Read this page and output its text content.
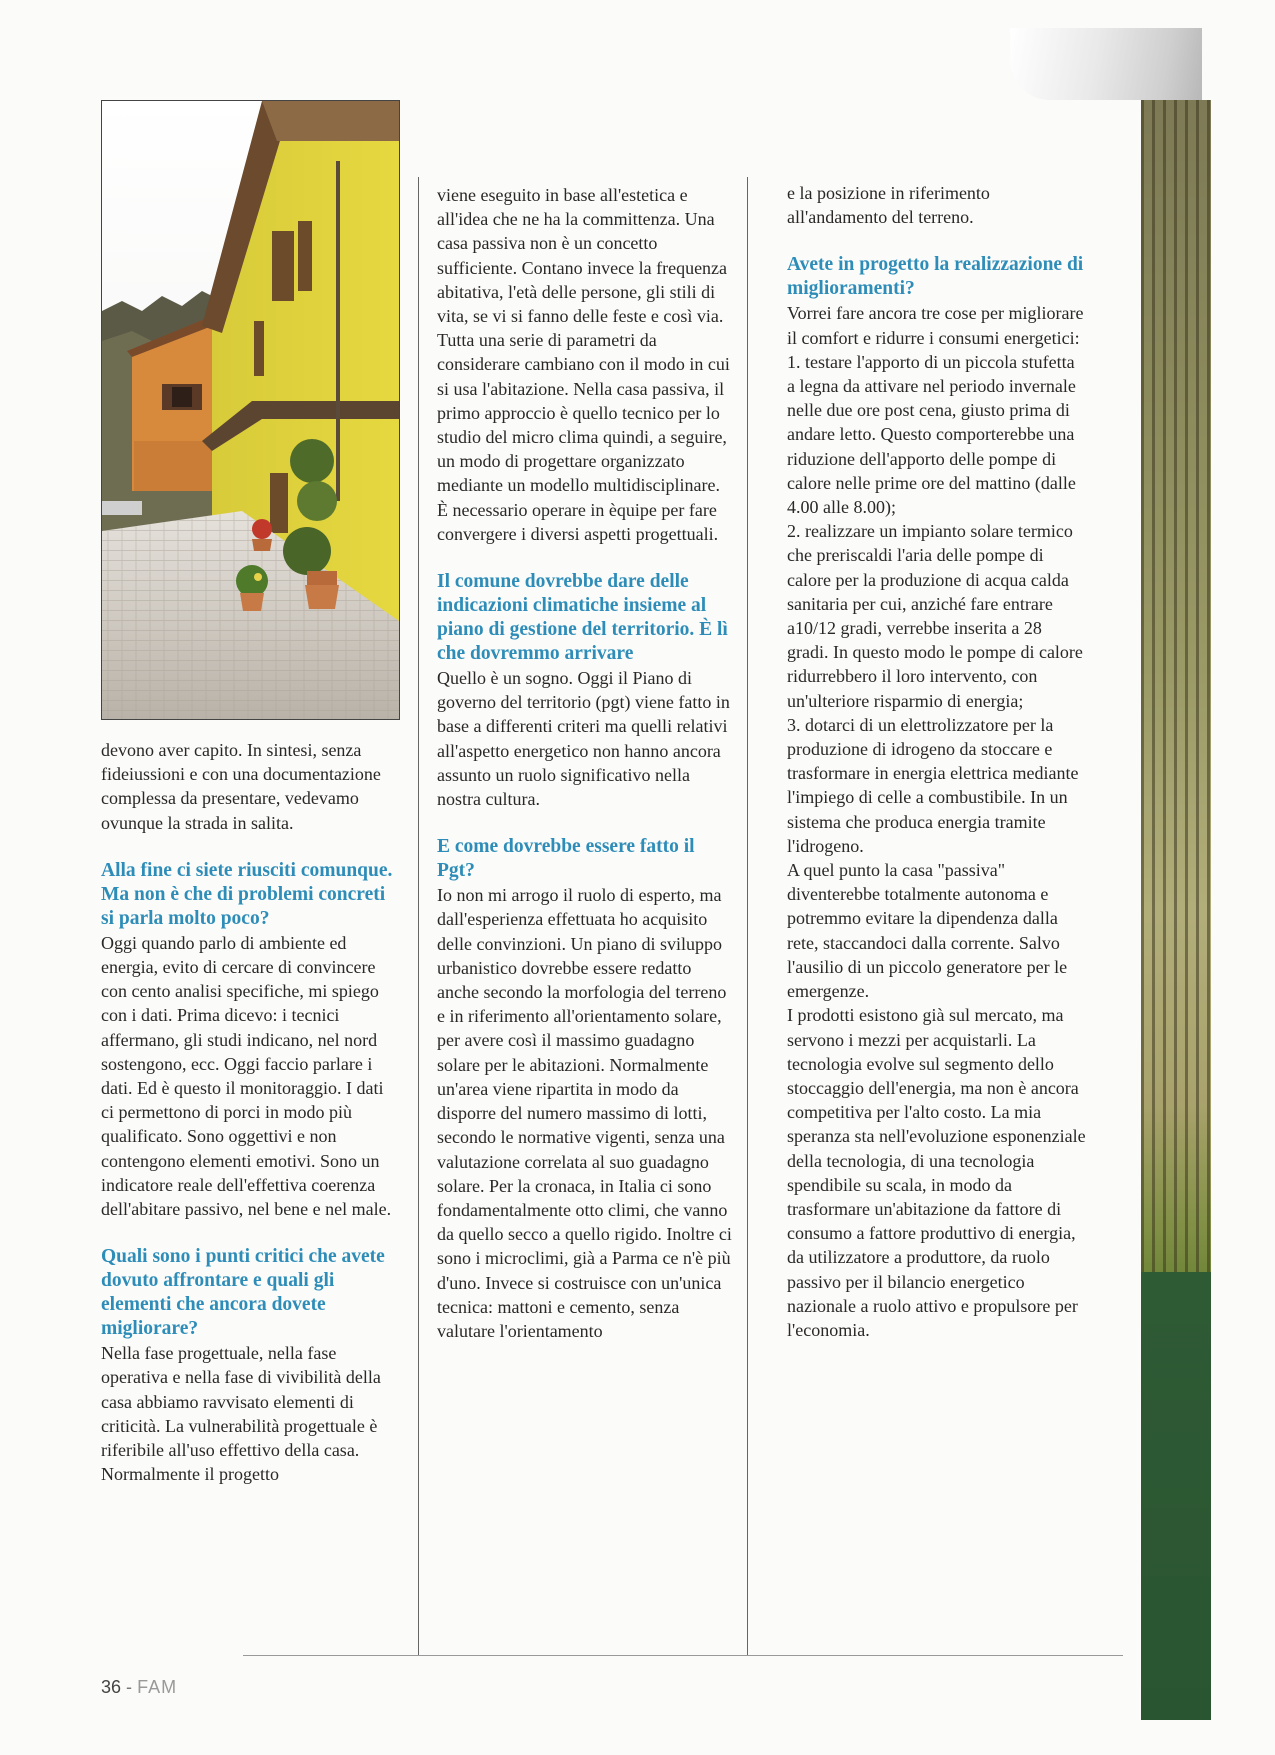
devono aver capito. In sintesi, senza fideiussioni e con una documentazione complessa da presentare, vedevamo ovunque la strada in salita.

Alla fine ci siete riusciti comunque. Ma non è che di problemi concreti si parla molto poco?

Oggi quando parlo di ambiente ed energia, evito di cercare di convincere con cento analisi specifiche, mi spiego con i dati. Prima dicevo: i tecnici affermano, gli studi indicano, nel nord sostengono, ecc. Oggi faccio parlare i dati. Ed è questo il monitoraggio. I dati ci permettono di porci in modo più qualificato. Sono oggettivi e non contengono elementi emotivi. Sono un indicatore reale dell'effettiva coerenza dell'abitare passivo, nel bene e nel male.

Quali sono i punti critici che avete dovuto affrontare e quali gli elementi che ancora dovete migliorare?

Nella fase progettuale, nella fase operativa e nella fase di vivibilità della casa abbiamo ravvisato elementi di criticità. La vulnerabilità progettuale è riferibile all'uso effettivo della casa. Normalmente il progetto

viene eseguito in base all'estetica e all'idea che ne ha la committenza. Una casa passiva non è un concetto sufficiente. Contano invece la frequenza abitativa, l'età delle persone, gli stili di vita, se vi si fanno delle feste e così via. Tutta una serie di parametri da considerare cambiano con il modo in cui si usa l'abitazione. Nella casa passiva, il primo approccio è quello tecnico per lo studio del micro clima quindi, a seguire, un modo di progettare organizzato mediante un modello multidisciplinare. È necessario operare in èquipe per fare convergere i diversi aspetti progettuali.

Il comune dovrebbe dare delle indicazioni climatiche insieme al piano di gestione del territorio. È lì che dovremmo arrivare

Quello è un sogno. Oggi il Piano di governo del territorio (pgt) viene fatto in base a differenti criteri ma quelli relativi all'aspetto energetico non hanno ancora assunto un ruolo significativo nella nostra cultura.

E come dovrebbe essere fatto il Pgt?

Io non mi arrogo il ruolo di esperto, ma dall'esperienza effettuata ho acquisito delle convinzioni. Un piano di sviluppo urbanistico dovrebbe essere redatto anche secondo la morfologia del terreno e in riferimento all'orientamento solare, per avere così il massimo guadagno solare per le abitazioni. Normalmente un'area viene ripartita in modo da disporre del numero massimo di lotti, secondo le normative vigenti, senza una valutazione correlata al suo guadagno solare. Per la cronaca, in Italia ci sono fondamentalmente otto climi, che vanno da quello secco a quello rigido. Inoltre ci sono i microclimi, già a Parma ce n'è più d'uno. Invece si costruisce con un'unica tecnica: mattoni e cemento, senza valutare l'orientamento

e la posizione in riferimento all'andamento del terreno.

Avete in progetto la realizzazione di miglioramenti?

Vorrei fare ancora tre cose per migliorare il comfort e ridurre i consumi energetici:

1. testare l'apporto di un piccola stufetta a legna da attivare nel periodo invernale nelle due ore post cena, giusto prima di andare letto. Questo comporterebbe una riduzione dell'apporto delle pompe di calore nelle prime ore del mattino (dalle 4.00 alle 8.00);

2. realizzare un impianto solare termico che preriscaldi l'aria delle pompe di calore per la produzione di acqua calda sanitaria per cui, anziché fare entrare a10/12 gradi, verrebbe inserita a 28 gradi. In questo modo le pompe di calore ridurrebbero il loro intervento, con un'ulteriore risparmio di energia;

3. dotarci di un elettrolizzatore per la produzione di idrogeno da stoccare e trasformare in energia elettrica mediante l'impiego di celle a combustibile. In un sistema che produca energia tramite l'idrogeno.

A quel punto la casa "passiva" diventerebbe totalmente autonoma e potremmo evitare la dipendenza dalla rete, staccandoci dalla corrente. Salvo l'ausilio di un piccolo generatore per le emergenze.

I prodotti esistono già sul mercato, ma servono i mezzi per acquistarli. La tecnologia evolve sul segmento dello stoccaggio dell'energia, ma non è ancora competitiva per l'alto costo. La mia speranza sta nell'evoluzione esponenziale della tecnologia, di una tecnologia spendibile su scala, in modo da trasformare un'abitazione da fattore di consumo a fattore produttivo di energia, da utilizzatore a produttore, da ruolo passivo per il bilancio energetico nazionale a ruolo attivo e propulsore per l'economia.

36 - FAM
